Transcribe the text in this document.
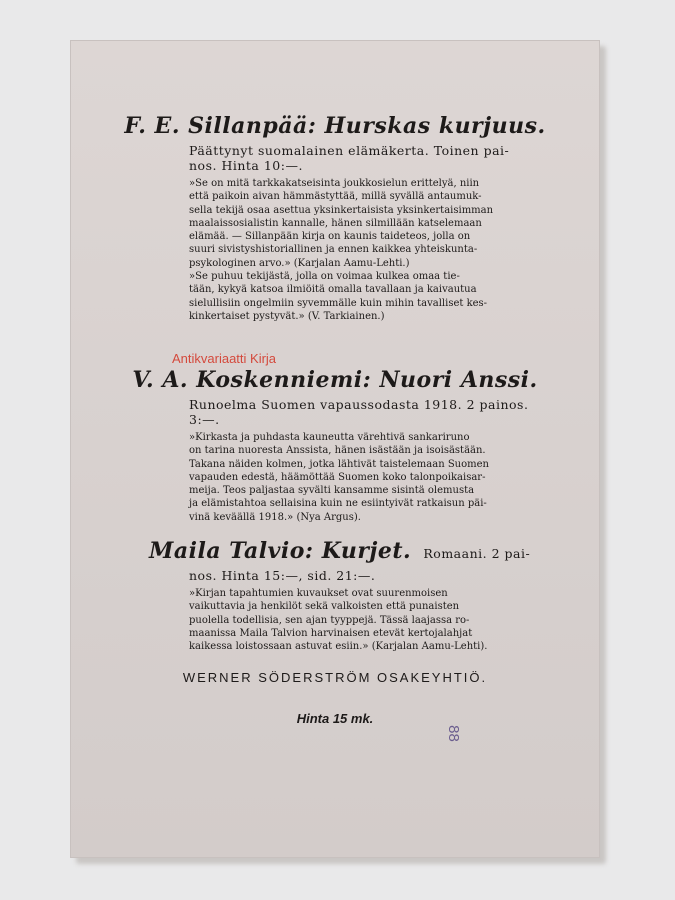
F. E. Sillanpää: Hurskas kurjuus.

Päättynyt suomalainen elämäkerta. Toinen pai-

nos. Hinta 10:—.

»Se on mitä tarkkakatseisinta joukkosielun erittelyä, niin
että paikoin aivan hämmästyttää, millä syvällä antaumuk-
sella tekijä osaa asettua yksinkertaisista yksinkertaisimman
maalaissosialistin kannalle, hänen silmillään katselemaan
elämää. — Sillanpään kirja on kaunis taideteos, jolla on
suuri sivistyshistoriallinen ja ennen kaikkea yhteiskunta-
psykologinen arvo.» (Karjalan Aamu-Lehti.)
»Se puhuu tekijästä, jolla on voimaa kulkea omaa tie-
tään, kykyä katsoa ilmiöitä omalla tavallaan ja kaivautua
sielullisiin ongelmiin syvemmälle kuin mihin tavalliset kes-
kinkertaiset pystyvät.» (V. Tarkiainen.)

V. A. Koskenniemi: Nuori Anssi.

Runoelma Suomen vapaussodasta 1918. 2 painos. 3:—.

»Kirkasta ja puhdasta kauneutta värehtivä sankariruno
on tarina nuoresta Anssista, hänen isästään ja isoisästään.
Takana näiden kolmen, jotka lähtivät taistelemaan Suomen
vapauden edestä, häämöttää Suomen koko talonpoikaisar-
meija. Teos paljastaa syvälti kansamme sisintä olemusta
ja elämistahtoa sellaisina kuin ne esiintyivät ratkaisun päi-
vinä keväällä 1918.» (Nya Argus).

Maila Talvio: Kurjet. Romaani. 2 pai-

nos. Hinta 15:—, sid. 21:—.

»Kirjan tapahtumien kuvaukset ovat suurenmoisen
vaikuttavia ja henkilöt sekä valkoisten että punaisten
puolella todellisia, sen ajan tyyppejä. Tässä laajassa ro-
maanissa Maila Talvion harvinaisen etevät kertojalahjat
kaikessa loistossaan astuvat esiin.» (Karjalan Aamu-Lehti).
WERNER SÖDERSTRÖM OSAKEYHTIÖ.
Hinta 15 mk.
Antikvariaatti Kirja
88
